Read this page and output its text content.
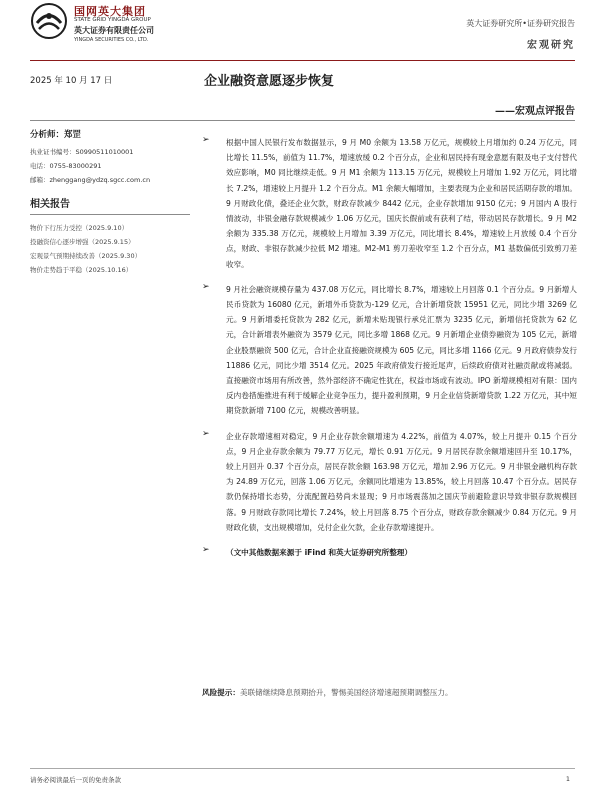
国网英大集团
STATE GRID YINGDA GROUP
英大证券有限责任公司
YINGDA SECURITIES CO., LTD.
英大证券研究所•证券研究报告
宏观研究
2025 年 10 月 17 日	企业融资意愿逐步恢复
——宏观点评报告
分析师：郑罡
执业证书编号：S0990511010001
电话：0755-83000291
邮箱：zhenggang@ydzq.sgcc.com.cn
相关报告
物价下行压力受控（2025.9.10）
投融资信心逐步增强（2025.9.15）
宏观景气预期持续改善（2025.9.30）
物价走势趋于平稳（2025.10.16）
➢ 根据中国人民银行发布数据显示，9 月 M0 余额为 13.58 万亿元，规模较上月增加约 0.24 万亿元，同比增长 11.5%，前值为 11.7%，增速放缓 0.2 个百分点，企业和居民持有现金意愿有限及电子支付替代效应影响，M0 同比继续走低。9 月 M1 余额为 113.15 万亿元，规模较上月增加 1.92 万亿元，同比增长 7.2%，增速较上月提升 1.2 个百分点。M1 余额大幅增加，主要表现为企业和居民活期存款的增加。9 月财政化债，叠还企业欠款，财政存款减少 8442 亿元，企业存款增加 9150 亿元；9 月国内 A 股行情波动，非银金融存款规模减少 1.06 万亿元，国庆长假前或有获利了结，带动居民存款增长。9 月 M2 余额为 335.38 万亿元，规模较上月增加 3.39 万亿元，同比增长 8.4%，增速较上月放缓 0.4 个百分点，财政、非银存款减少拉低 M2 增速。M2-M1 剪刀差收窄至 1.2 个百分点，M1 基数偏低引致剪刀差收窄。
➢ 9 月社会融资规模存量为 437.08 万亿元，同比增长 8.7%，增速较上月回落 0.1 个百分点。9 月新增人民币贷款为 16080 亿元，新增外币贷款为-129 亿元，合计新增贷款 15951 亿元，同比少增 3269 亿元。9 月新增委托贷款为 282 亿元，新增未贴现银行承兑汇票为 3235 亿元，新增信托贷款为 62 亿元，合计新增表外融资为 3579 亿元，同比多增 1868 亿元。9 月新增企业债券融资为 105 亿元，新增企业股票融资 500 亿元，合计企业直接融资规模为 605 亿元，同比多增 1166 亿元。9 月政府债券发行 11886 亿元，同比少增 3514 亿元。2025 年政府债发行接近尾声，后续政府债对社融贡献或将减弱。直接融资市场用有所改善，然外部经济不确定性犹在，权益市场或有波动。IPO 新增规模相对有限：国内反内卷措施推进有利于缓解企业竞争压力，提升盈利预期，9 月企业信贷新增贷款 1.22 万亿元，其中短期贷款新增 7100 亿元，规模改善明显。
➢ 企业存款增速相对稳定，9 月企业存款余额增速为 4.22%，前值为 4.07%，较上月提升 0.15 个百分点，9 月企业存款余额为 79.77 万亿元，增长 0.91 万亿元。9 月居民存款余额增速回升至 10.17%，较上月回升 0.37 个百分点，居民存款余额 163.98 万亿元，增加 2.96 万亿元。9 月非银金融机构存款为 24.89 万亿元，回落 1.06 万亿元，余额同比增速为 13.85%，较上月回落 10.47 个百分点。居民存款仍保持增长态势，分流配置趋势尚未显现；9 月市场震荡加之国庆节前避险意识导致非银存款规模回落。9 月财政存款同比增长 7.24%，较上月回落 8.75 个百分点，财政存款余额减少 0.84 万亿元。9 月财政化债，支出规模增加，兑付企业欠款，企业存款增速提升。
➢ （文中其他数据来源于 iFind 和英大证券研究所整理）
风险提示：美联储继续降息预期抬升，警惕美国经济增速超预期调整压力。
请务必阅读最后一页的免责条款	1
